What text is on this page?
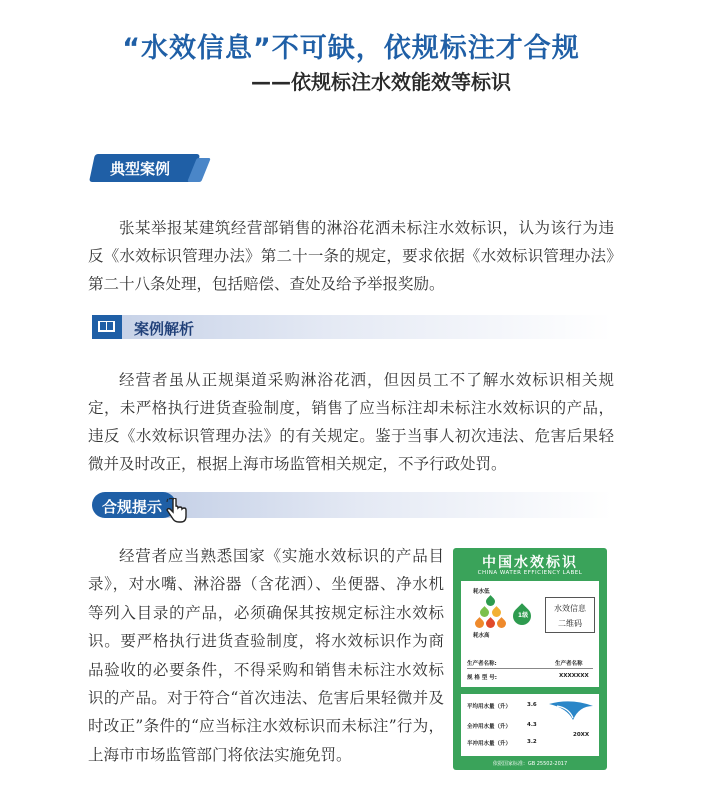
“水效信息”不可缺，依规标注才合规
——依规标注水效能效等标识
典型案例

张某举报某建筑经营部销售的淋浴花洒未标注水效标识，认为该行为违反《水效标识管理办法》第二十一条的规定，要求依据《水效标识管理办法》第二十八条处理，包括赔偿、查处及给予举报奖励。

案例解析

经营者虽从正规渠道采购淋浴花洒，但因员工不了解水效标识相关规定，未严格执行进货查验制度，销售了应当标注却未标注水效标识的产品，违反《水效标识管理办法》的有关规定。鉴于当事人初次违法、危害后果轻微并及时改正，根据上海市场监管相关规定，不予行政处罚。

合规提示

经营者应当熟悉国家《实施水效标识的产品目录》，对水嘴、淋浴器（含花洒）、坐便器、净水机等列入目录的产品，必须确保其按规定标注水效标识。要严格执行进货查验制度，将水效标识作为商品验收的必要条件，不得采购和销售未标注水效标识的产品。对于符合“首次违法、危害后果轻微并及时改正”条件的“应当标注水效标识而未标注”行为，上海市市场监管部门将依法实施免罚。

中国水效标识
CHINA WATER EFFICIENCY LABEL
耗水低
耗水高
1级
水效信息
二维码
生产者名称:	生产者名称
规 格 型 号:	XXXXXXX
平均用水量（升）	3.6
全冲用水量（升）	4.3
半冲用水量（升）	3.2
20XX
依据国家标准：GB 25502-2017
